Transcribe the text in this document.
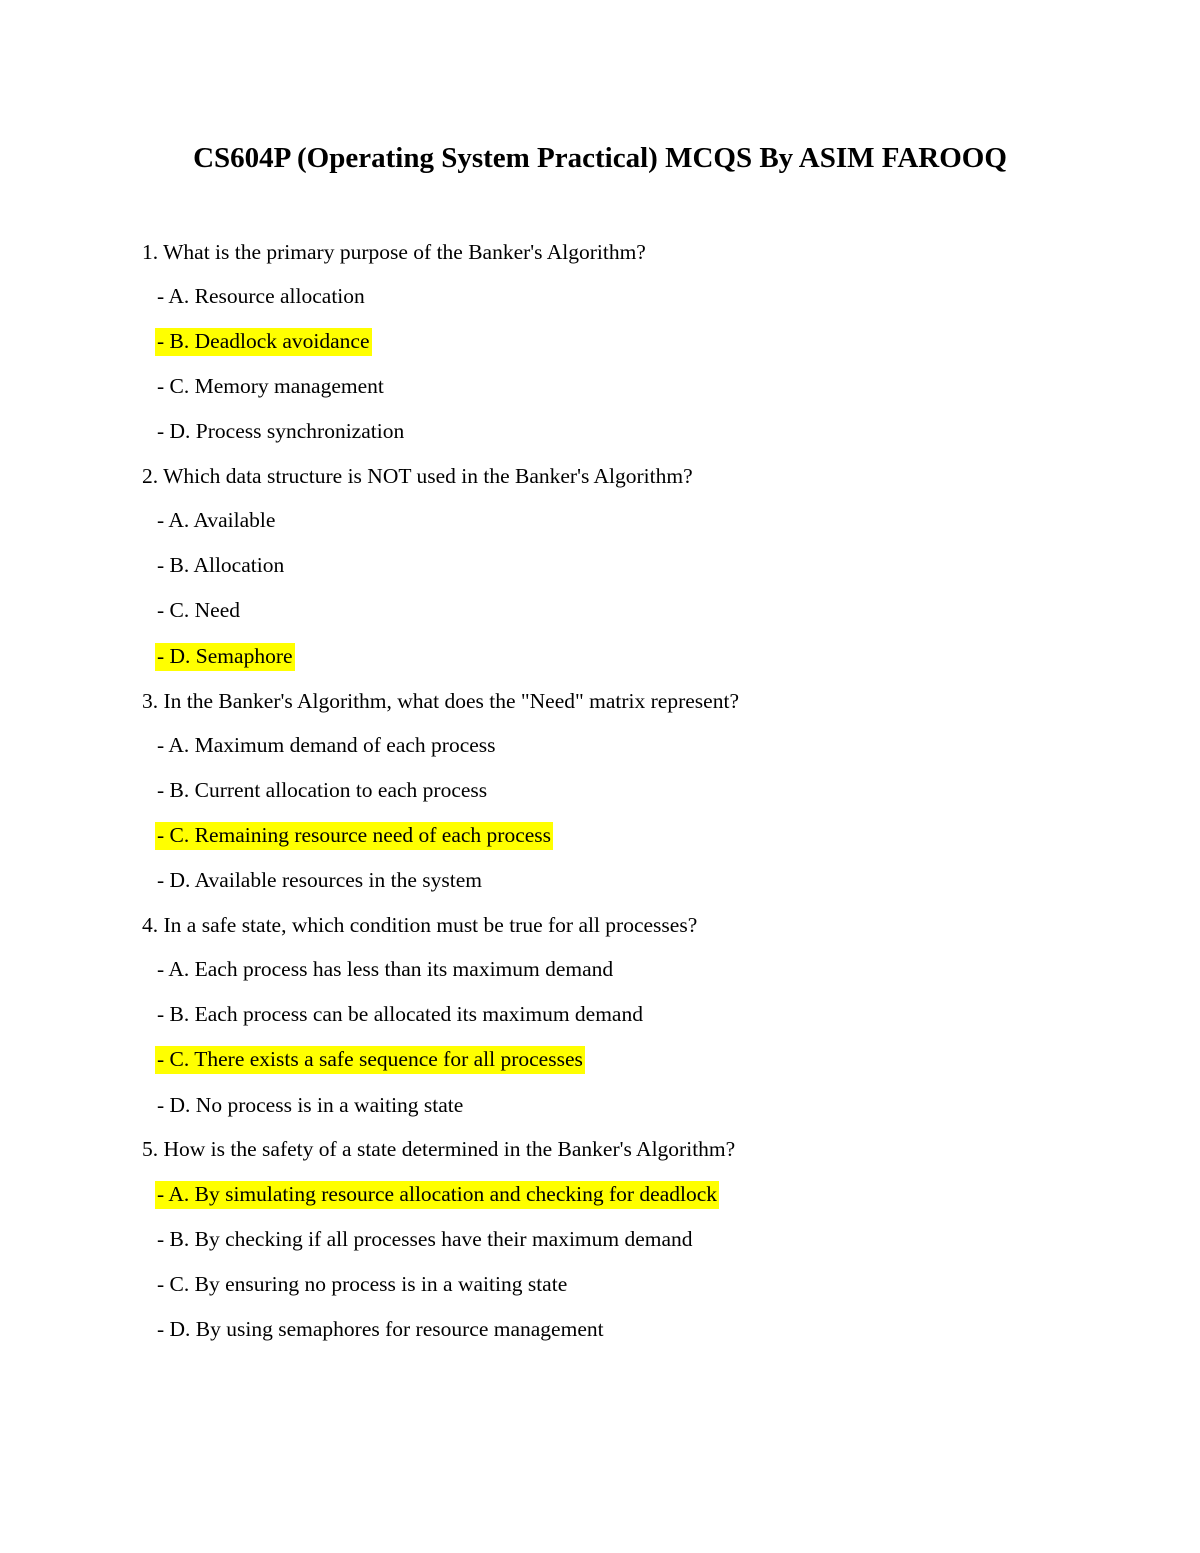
CS604P (Operating System Practical) MCQS By ASIM FAROOQ
1. What is the primary purpose of the Banker's Algorithm?
- A. Resource allocation
- B. Deadlock avoidance
- C. Memory management
- D. Process synchronization
2. Which data structure is NOT used in the Banker's Algorithm?
- A. Available
- B. Allocation
- C. Need
- D. Semaphore
3. In the Banker's Algorithm, what does the "Need" matrix represent?
- A. Maximum demand of each process
- B. Current allocation to each process
- C. Remaining resource need of each process
- D. Available resources in the system
4. In a safe state, which condition must be true for all processes?
- A. Each process has less than its maximum demand
- B. Each process can be allocated its maximum demand
- C. There exists a safe sequence for all processes
- D. No process is in a waiting state
5. How is the safety of a state determined in the Banker's Algorithm?
- A. By simulating resource allocation and checking for deadlock
- B. By checking if all processes have their maximum demand
- C. By ensuring no process is in a waiting state
- D. By using semaphores for resource management
